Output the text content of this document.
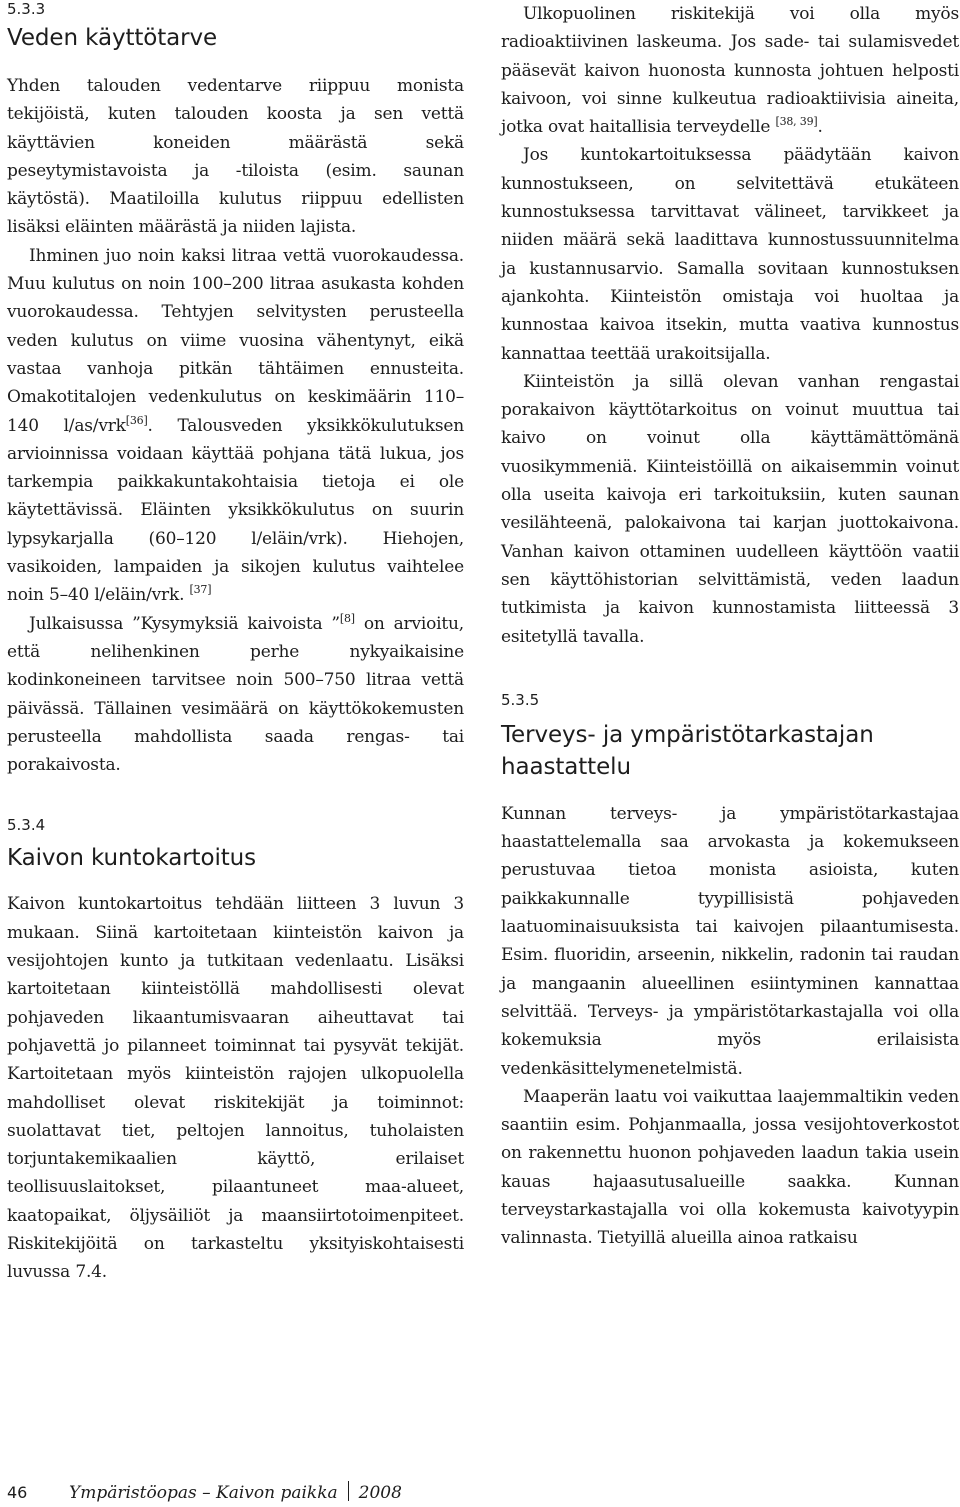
5.3.3
Veden käyttötarve

Yhden talouden vedentarve riippuu monista tekijöistä, kuten talouden koosta ja sen vettä käyttävien koneiden määrästä sekä peseytymistavoista ja -tiloista (esim. saunan käytöstä). Maatiloilla kulutus riippuu edellisten lisäksi eläinten määrästä ja niiden lajista.

Ihminen juo noin kaksi litraa vettä vuorokaudessa. Muu kulutus on noin 100–200 litraa asukasta kohden vuorokaudessa. Tehtyjen selvitysten perusteella veden kulutus on viime vuosina vähentynyt, eikä vastaa vanhoja pitkän tähtäimen ennusteita. Omakotitalojen vedenkulutus on keskimäärin 110–140 l/as/vrk[36]. Talousveden yksikkökulutuksen arvioinnissa voidaan käyttää pohjana tätä lukua, jos tarkempia paikkakuntakohtaisia tietoja ei ole käytettävissä. Eläinten yksikkökulutus on suurin lypsykarjalla (60–120 l/eläin/vrk). Hiehojen, vasikoiden, lampaiden ja sikojen kulutus vaihtelee noin 5–40 l/eläin/vrk. [37]

Julkaisussa ”Kysymyksiä kaivoista ”[8] on arvioitu, että nelihenkinen perhe nykyaikaisine kodinkoneineen tarvitsee noin 500–750 litraa vettä päivässä. Tällainen vesimäärä on käyttökokemusten perusteella mahdollista saada rengas- tai porakaivosta.

5.3.4
Kaivon kuntokartoitus

Kaivon kuntokartoitus tehdään liitteen 3 luvun 3 mukaan. Siinä kartoitetaan kiinteistön kaivon ja vesijohtojen kunto ja tutkitaan vedenlaatu. Lisäksi kartoitetaan kiinteistöllä mahdollisesti olevat pohjaveden likaantumisvaaran aiheuttavat tai pohjavettä jo pilanneet toiminnat tai pysyvät tekijät. Kartoitetaan myös kiinteistön rajojen ulkopuolella mahdolliset olevat riskitekijät ja toiminnot: suolattavat tiet, peltojen lannoitus, tuholaisten torjuntakemikaalien käyttö, erilaiset teollisuuslaitokset, pilaantuneet maa-alueet, kaatopaikat, öljysäiliöt ja maansiirtotoimenpiteet. Riskitekijöitä on tarkasteltu yksityiskohtaisesti luvussa 7.4.

Ulkopuolinen riskitekijä voi olla myös radioaktiivinen laskeuma. Jos sade- tai sulamisvedet pääsevät kaivon huonosta kunnosta johtuen helposti kaivoon, voi sinne kulkeutua radioaktiivisia aineita, jotka ovat haitallisia terveydelle [38, 39].

Jos kuntokartoituksessa päädytään kaivon kunnostukseen, on selvitettävä etukäteen kunnostuksessa tarvittavat välineet, tarvikkeet ja niiden määrä sekä laadittava kunnostussuunnitelma ja kustannusarvio. Samalla sovitaan kunnostuksen ajankohta. Kiinteistön omistaja voi huoltaa ja kunnostaa kaivoa itsekin, mutta vaativa kunnostus kannattaa teettää urakoitsijalla.

Kiinteistön ja sillä olevan vanhan rengastai porakaivon käyttötarkoitus on voinut muuttua tai kaivo on voinut olla käyttämättömänä vuosikymmeniä. Kiinteistöillä on aikaisemmin voinut olla useita kaivoja eri tarkoituksiin, kuten saunan vesilähteenä, palokaivona tai karjan juottokaivona. Vanhan kaivon ottaminen uudelleen käyttöön vaatii sen käyttöhistorian selvittämistä, veden laadun tutkimista ja kaivon kunnostamista liitteessä 3 esitetyllä tavalla.

5.3.5
Terveys- ja ympäristötarkastajan haastattelu

Kunnan terveys- ja ympäristötarkastajaa haastattelemalla saa arvokasta ja kokemukseen perustuvaa tietoa monista asioista, kuten paikkakunnalle tyypillisistä pohjaveden laatuominaisuuksista tai kaivojen pilaantumisesta. Esim. fluoridin, arseenin, nikkelin, radonin tai raudan ja mangaanin alueellinen esiintyminen kannattaa selvittää. Terveys- ja ympäristötarkastajalla voi olla kokemuksia myös erilaisista vedenkäsittelymenetelmistä.

Maaperän laatu voi vaikuttaa laajemmaltikin veden saantiin esim. Pohjanmaalla, jossa vesijohtoverkostot on rakennettu huonon pohjaveden laadun takia usein kauas hajaasutusalueille saakka. Kunnan terveystarkastajalla voi olla kokemusta kaivotyypin valinnasta. Tietyillä alueilla ainoa ratkaisu

46 Ympäristöopas – Kaivon paikka 2008
